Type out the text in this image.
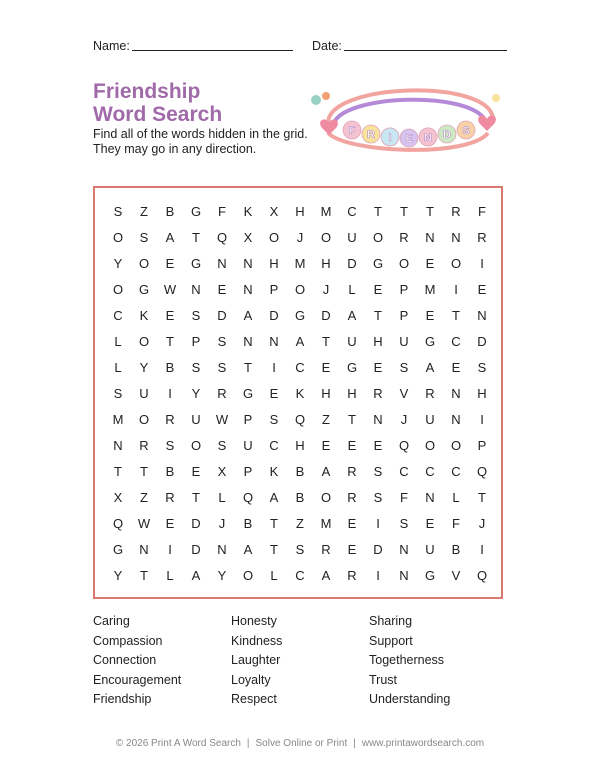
Name:	Date:
Friendship
Word Search
Find all of the words hidden in the grid.
They may go in any direction.
F R I E N D S
S	Z	B	G	F	K	X	H	M	C	T	T	T	R	F
O	S	A	T	Q	X	O	J	O	U	O	R	N	N	R
Y	O	E	G	N	N	H	M	H	D	G	O	E	O	I
O	G	W	N	E	N	P	O	J	L	E	P	M	I	E
C	K	E	S	D	A	D	G	D	A	T	P	E	T	N
L	O	T	P	S	N	N	A	T	U	H	U	G	C	D
L	Y	B	S	S	T	I	C	E	G	E	S	A	E	S
S	U	I	Y	R	G	E	K	H	H	R	V	R	N	H
M	O	R	U	W	P	S	Q	Z	T	N	J	U	N	I
N	R	S	O	S	U	C	H	E	E	E	Q	O	O	P
T	T	B	E	X	P	K	B	A	R	S	C	C	C	Q
X	Z	R	T	L	Q	A	B	O	R	S	F	N	L	T
Q	W	E	D	J	B	T	Z	M	E	I	S	E	F	J
G	N	I	D	N	A	T	S	R	E	D	N	U	B	I
Y	T	L	A	Y	O	L	C	A	R	I	N	G	V	Q
Caring
Compassion
Connection
Encouragement
Friendship
Honesty
Kindness
Laughter
Loyalty
Respect
Sharing
Support
Togetherness
Trust
Understanding
© 2026 Print A Word Search | Solve Online or Print | www.printawordsearch.com
